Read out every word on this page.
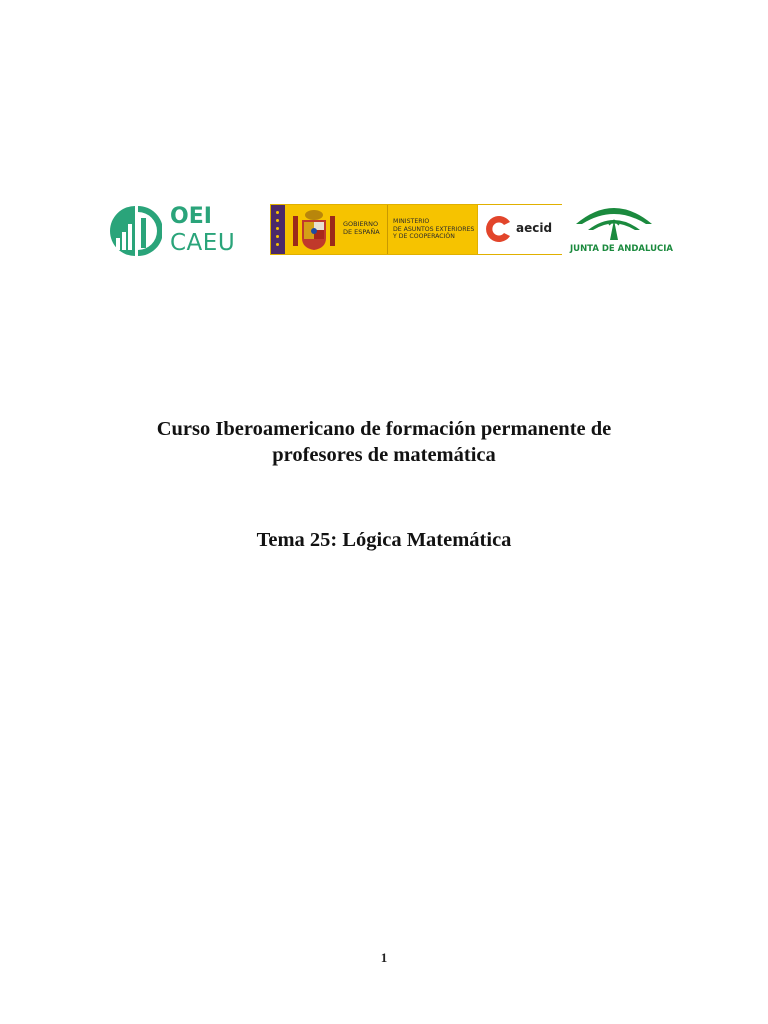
OEI
CAEU
GOBIERNO
DE ESPAÑA
MINISTERIO
DE ASUNTOS EXTERIORES
Y DE COOPERACIÓN
aecid
JUNTA DE ANDALUCIA
Curso Iberoamericano de formación permanente de
profesores de matemática
Tema 25: Lógica Matemática
1
